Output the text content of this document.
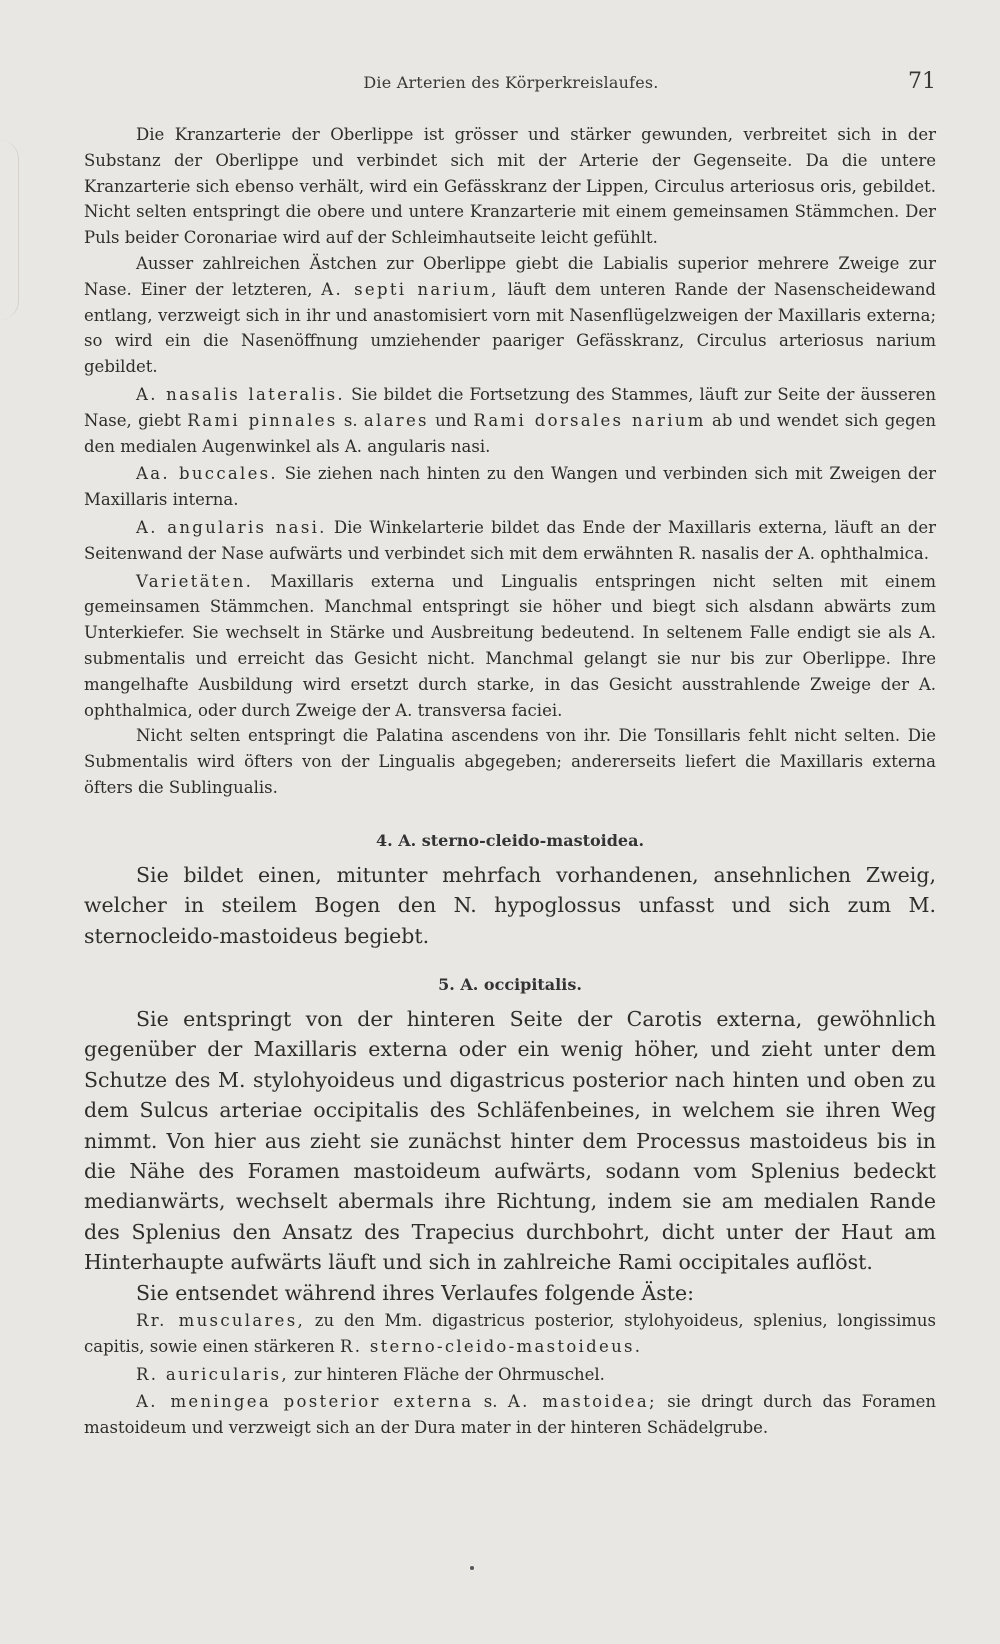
Die Arterien des Körperkreislaufes.	71

Die Kranzarterie der Oberlippe ist grösser und stärker gewunden, verbreitet sich in der Substanz der Oberlippe und verbindet sich mit der Arterie der Gegenseite. Da die untere Kranzarterie sich ebenso verhält, wird ein Gefässkranz der Lippen, Circulus arteriosus oris, gebildet. Nicht selten entspringt die obere und untere Kranzarterie mit einem gemeinsamen Stämmchen. Der Puls beider Coronariae wird auf der Schleimhautseite leicht gefühlt.

Ausser zahlreichen Ästchen zur Oberlippe giebt die Labialis superior mehrere Zweige zur Nase. Einer der letzteren, A. septi narium, läuft dem unteren Rande der Nasenscheidewand entlang, verzweigt sich in ihr und anastomisiert vorn mit Nasenflügelzweigen der Maxillaris externa; so wird ein die Nasenöffnung umziehender paariger Gefässkranz, Circulus arteriosus narium gebildet.

A. nasalis lateralis. Sie bildet die Fortsetzung des Stammes, läuft zur Seite der äusseren Nase, giebt Rami pinnales s. alares und Rami dorsales narium ab und wendet sich gegen den medialen Augenwinkel als A. angularis nasi.

Aa. buccales. Sie ziehen nach hinten zu den Wangen und verbinden sich mit Zweigen der Maxillaris interna.

A. angularis nasi. Die Winkelarterie bildet das Ende der Maxillaris externa, läuft an der Seitenwand der Nase aufwärts und verbindet sich mit dem erwähnten R. nasalis der A. ophthalmica.

Varietäten. Maxillaris externa und Lingualis entspringen nicht selten mit einem gemeinsamen Stämmchen. Manchmal entspringt sie höher und biegt sich alsdann abwärts zum Unterkiefer. Sie wechselt in Stärke und Ausbreitung bedeutend. In seltenem Falle endigt sie als A. submentalis und erreicht das Gesicht nicht. Manchmal gelangt sie nur bis zur Oberlippe. Ihre mangelhafte Ausbildung wird ersetzt durch starke, in das Gesicht ausstrahlende Zweige der A. ophthalmica, oder durch Zweige der A. transversa faciei.

Nicht selten entspringt die Palatina ascendens von ihr. Die Tonsillaris fehlt nicht selten. Die Submentalis wird öfters von der Lingualis abgegeben; andererseits liefert die Maxillaris externa öfters die Sublingualis.

4. A. sterno-cleido-mastoidea.

Sie bildet einen, mitunter mehrfach vorhandenen, ansehnlichen Zweig, welcher in steilem Bogen den N. hypoglossus unfasst und sich zum M. sternocleido-mastoideus begiebt.

5. A. occipitalis.

Sie entspringt von der hinteren Seite der Carotis externa, gewöhnlich gegenüber der Maxillaris externa oder ein wenig höher, und zieht unter dem Schutze des M. stylohyoideus und digastricus posterior nach hinten und oben zu dem Sulcus arteriae occipitalis des Schläfenbeines, in welchem sie ihren Weg nimmt. Von hier aus zieht sie zunächst hinter dem Processus mastoideus bis in die Nähe des Foramen mastoideum aufwärts, sodann vom Splenius bedeckt medianwärts, wechselt abermals ihre Richtung, indem sie am medialen Rande des Splenius den Ansatz des Trapecius durchbohrt, dicht unter der Haut am Hinterhaupte aufwärts läuft und sich in zahlreiche Rami occipitales auflöst.

Sie entsendet während ihres Verlaufes folgende Äste:

Rr. musculares, zu den Mm. digastricus posterior, stylohyoideus, splenius, longissimus capitis, sowie einen stärkeren R. sterno-cleido-mastoideus.

R. auricularis, zur hinteren Fläche der Ohrmuschel.

A. meningea posterior externa s. A. mastoidea; sie dringt durch das Foramen mastoideum und verzweigt sich an der Dura mater in der hinteren Schädelgrube.
